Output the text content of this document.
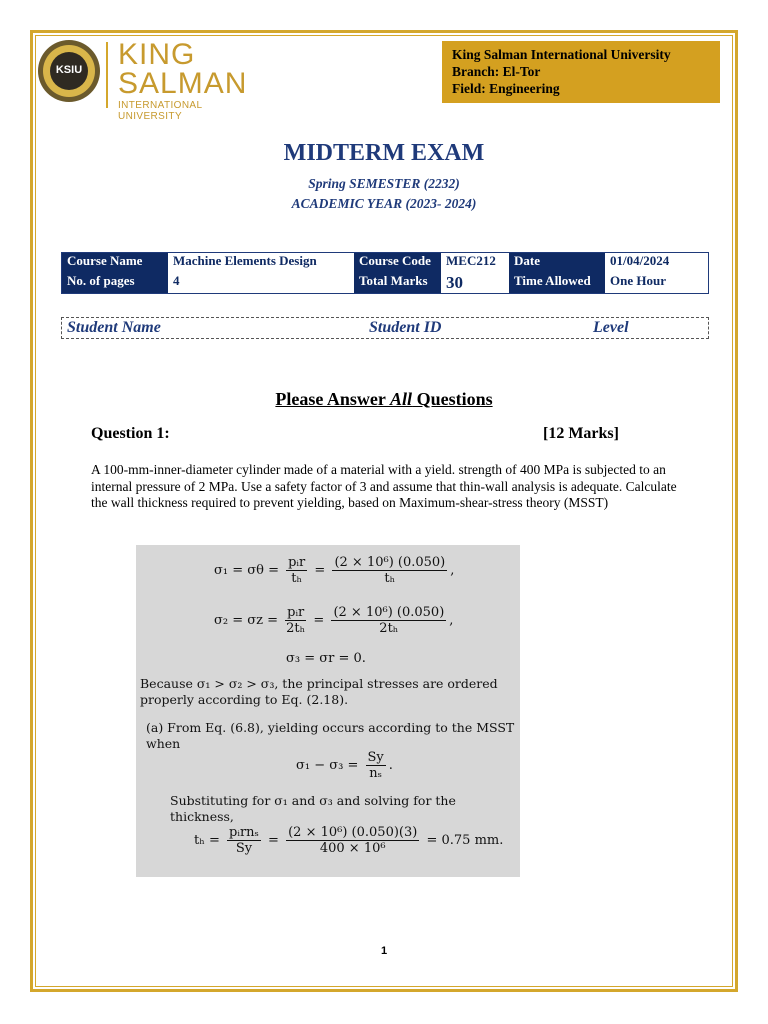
KSIU KING
SALMAN
INTERNATIONAL UNIVERSITY
King Salman International University
Branch: El-Tor
Field: Engineering
MIDTERM EXAM
Spring SEMESTER (2232)
ACADEMIC YEAR (2023- 2024)
Course Name	Machine Elements Design	Course Code	MEC212	Date	01/04/2024
No. of pages	4	Total Marks	30	Time Allowed	One Hour
Student Name	Student ID	Level
Please Answer All Questions
Question 1:	[12 Marks]
A 100-mm-inner-diameter cylinder made of a material with a yield. strength of 400 MPa is subjected to an internal pressure of 2 MPa. Use a safety factor of 3 and assume that thin-wall analysis is adequate. Calculate the wall thickness required to prevent yielding, based on Maximum-shear-stress theory (MSST)
$\sigma_1 = \sigma\theta = \frac{\text{pᵢr}}{\text{tₕ}} = \frac{\text{(2 × 10⁶) (0.050)}}{\text{tₕ}}$ ,
$\sigma_2 = \sigma z = \frac{\text{pᵢr}}{\text{2tₕ}} = \frac{\text{(2 × 10⁶) (0.050)}}{\text{2tₕ}}$ ,
σ₃ = σr = 0.
Because σ₁ > σ₂ > σ₃, the principal stresses are ordered properly according to Eq. (2.18).
(a) From Eq. (6.8), yielding occurs according to the MSST when
$\sigma_1 - \sigma_3 = \frac{Sy}{\text{nₛ}}$ .
Substituting for σ₁ and σ₃ and solving for the thickness,
$t_h = \frac{\text{pᵢrnₛ}}{Sy} = \frac{\text{(2 × 10⁶) (0.050)(3)}}{\text{400 × 10⁶}} = 0.75$ mm.
1
